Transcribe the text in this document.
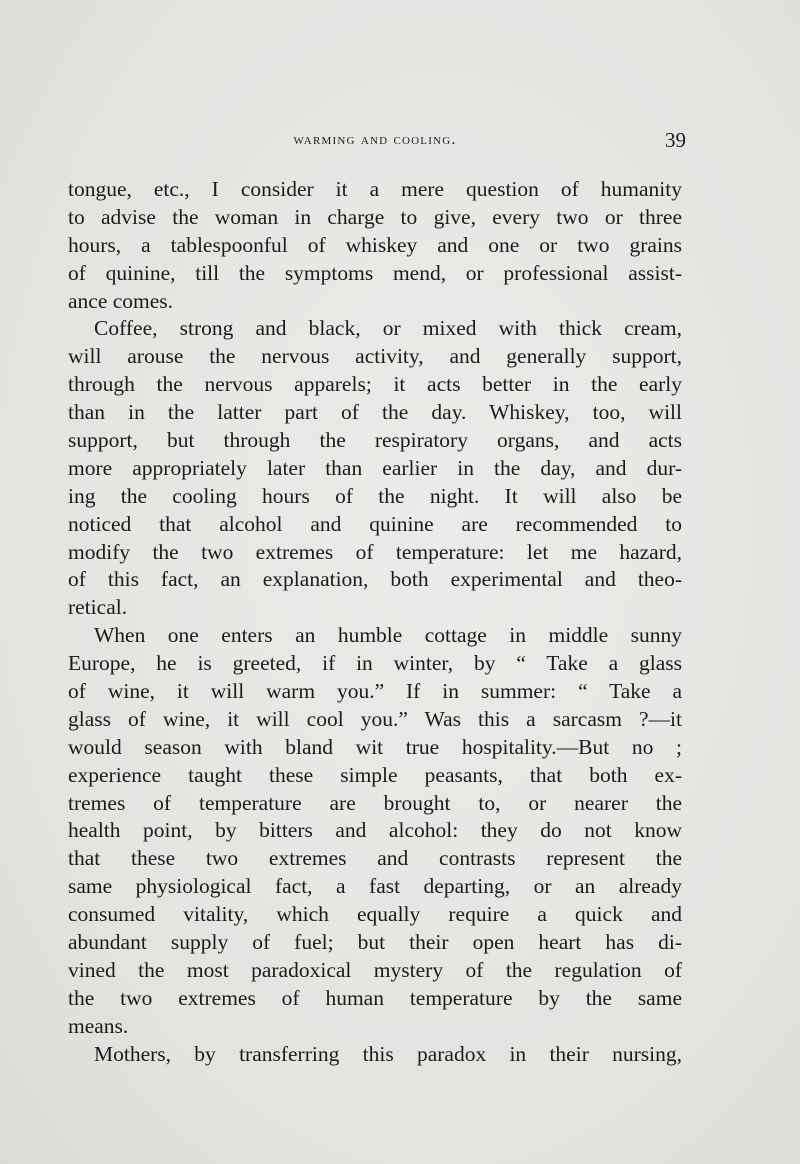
warming and cooling.	39
tongue, etc., I consider it a mere question of humanity
to advise the woman in charge to give, every two or three
hours, a tablespoonful of whiskey and one or two grains
of quinine, till the symptoms mend, or professional assist-
ance comes.
Coffee, strong and black, or mixed with thick cream,
will arouse the nervous activity, and generally support,
through the nervous apparels; it acts better in the early
than in the latter part of the day. Whiskey, too, will
support, but through the respiratory organs, and acts
more appropriately later than earlier in the day, and dur-
ing the cooling hours of the night. It will also be
noticed that alcohol and quinine are recommended to
modify the two extremes of temperature: let me hazard,
of this fact, an explanation, both experimental and theo-
retical.
When one enters an humble cottage in middle sunny
Europe, he is greeted, if in winter, by “ Take a glass
of wine, it will warm you.” If in summer: “ Take a
glass of wine, it will cool you.” Was this a sarcasm ?—it
would season with bland wit true hospitality.—But no ;
experience taught these simple peasants, that both ex-
tremes of temperature are brought to, or nearer the
health point, by bitters and alcohol: they do not know
that these two extremes and contrasts represent the
same physiological fact, a fast departing, or an already
consumed vitality, which equally require a quick and
abundant supply of fuel; but their open heart has di-
vined the most paradoxical mystery of the regulation of
the two extremes of human temperature by the same
means.
Mothers, by transferring this paradox in their nursing,
